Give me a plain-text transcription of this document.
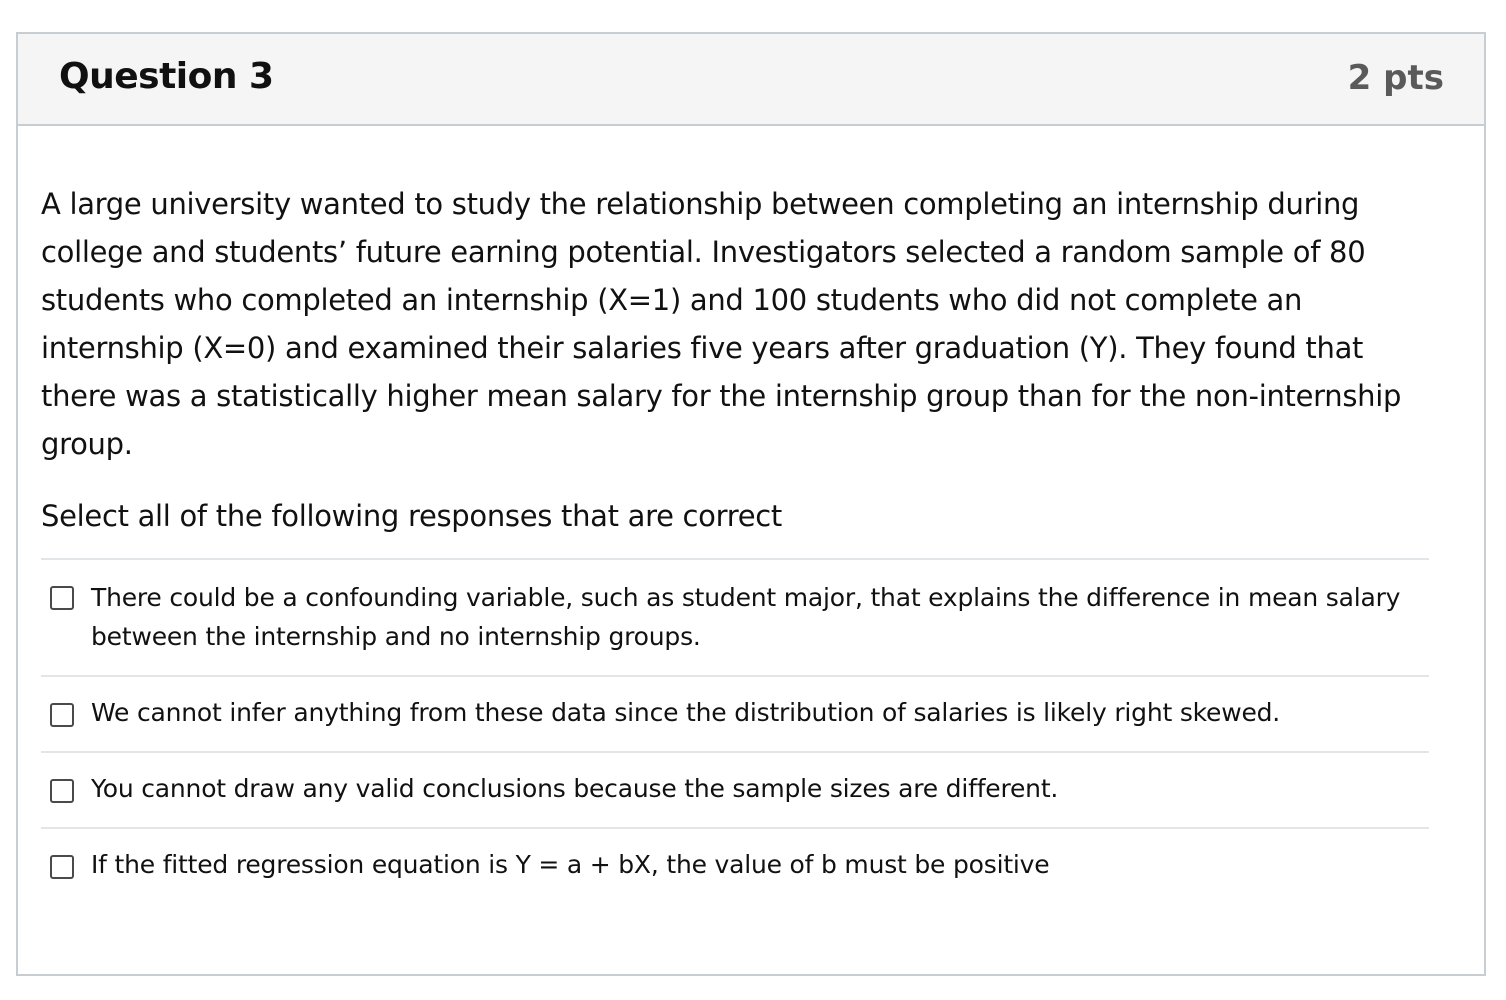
Question 3	2 pts

A large university wanted to study the relationship between completing an internship during college and students’ future earning potential. Investigators selected a random sample of 80 students who completed an internship (X=1) and 100 students who did not complete an internship (X=0) and examined their salaries five years after graduation (Y). They found that there was a statistically higher mean salary for the internship group than for the non-internship group.

Select all of the following responses that are correct

There could be a confounding variable, such as student major, that explains the difference in mean salary between the internship and no internship groups.
We cannot infer anything from these data since the distribution of salaries is likely right skewed.
You cannot draw any valid conclusions because the sample sizes are different.
If the fitted regression equation is Y = a + bX, the value of b must be positive
